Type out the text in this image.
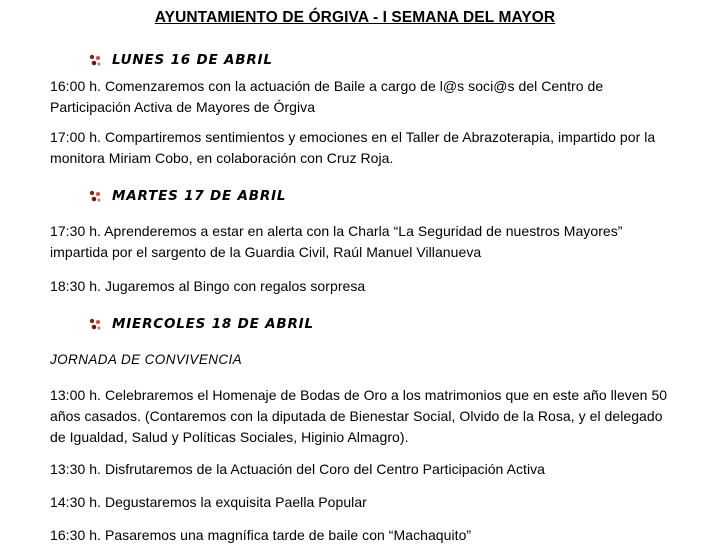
AYUNTAMIENTO DE ÓRGIVA - I SEMANA DEL MAYOR
LUNES 16 DE ABRIL
16:00 h. Comenzaremos con la actuación de Baile a cargo de l@s soci@s del Centro de Participación Activa de Mayores de Órgiva
17:00 h. Compartiremos sentimientos y emociones en el Taller de Abrazoterapia, impartido por la monitora Miriam Cobo, en colaboración con Cruz Roja.
MARTES 17 DE ABRIL
17:30 h. Aprenderemos a estar en alerta con la Charla “La Seguridad de nuestros Mayores” impartida por el sargento de la Guardia Civil, Raúl Manuel Villanueva
18:30 h. Jugaremos al Bingo con regalos sorpresa
MIERCOLES 18 DE ABRIL
JORNADA DE CONVIVENCIA
13:00 h. Celebraremos el Homenaje de Bodas de Oro a los matrimonios que en este año lleven 50 años casados. (Contaremos con la diputada de Bienestar Social, Olvido de la Rosa, y el delegado de Igualdad, Salud y Políticas Sociales, Higinio Almagro).
13:30 h. Disfrutaremos de la Actuación del Coro del Centro Participación Activa
14:30 h. Degustaremos la exquisita Paella Popular
16:30 h. Pasaremos una magnífica tarde de baile con “Machaquito”
